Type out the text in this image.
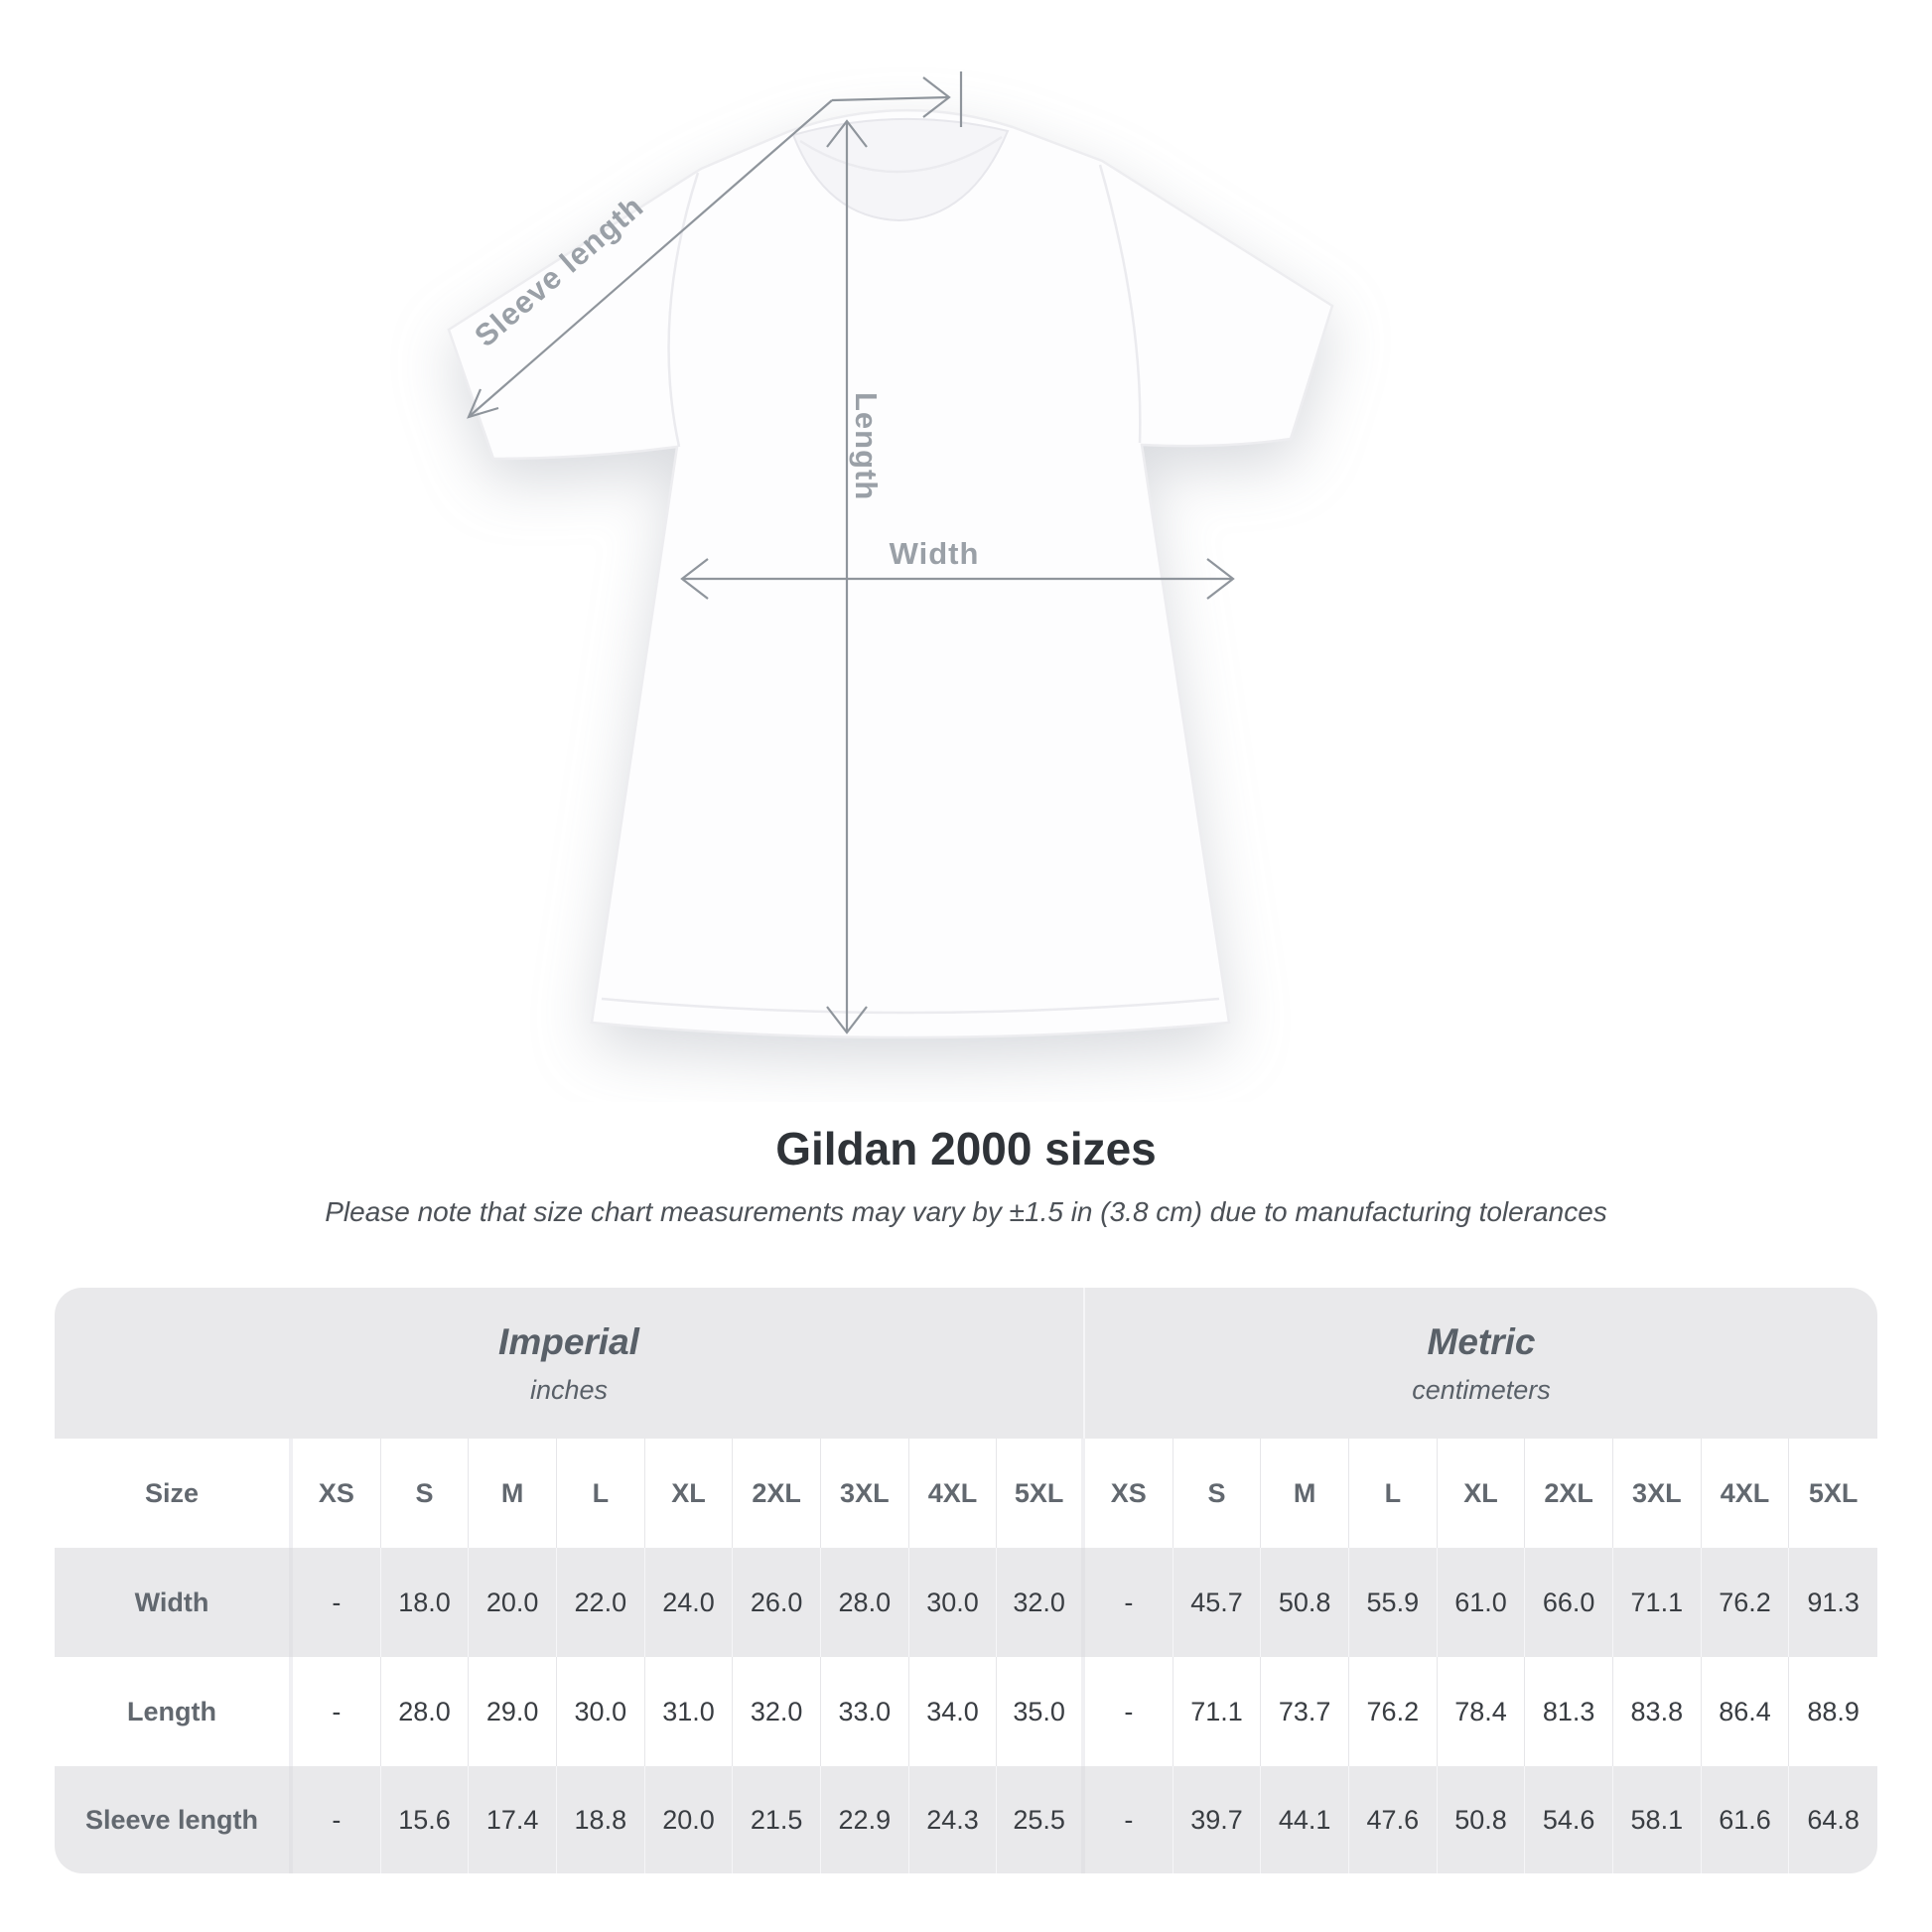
Sleeve length
Length
Width
Gildan 2000 sizes
Please note that size chart measurements may vary by ±1.5 in (3.8 cm) due to manufacturing tolerances
Imperial
inches
Metric
centimeters
Size	XS	S	M	L	XL	2XL	3XL	4XL	5XL	XS	S	M	L	XL	2XL	3XL	4XL	5XL
Width	-	18.0	20.0	22.0	24.0	26.0	28.0	30.0	32.0	-	45.7	50.8	55.9	61.0	66.0	71.1	76.2	91.3
Length	-	28.0	29.0	30.0	31.0	32.0	33.0	34.0	35.0	-	71.1	73.7	76.2	78.4	81.3	83.8	86.4	88.9
Sleeve length	-	15.6	17.4	18.8	20.0	21.5	22.9	24.3	25.5	-	39.7	44.1	47.6	50.8	54.6	58.1	61.6	64.8
